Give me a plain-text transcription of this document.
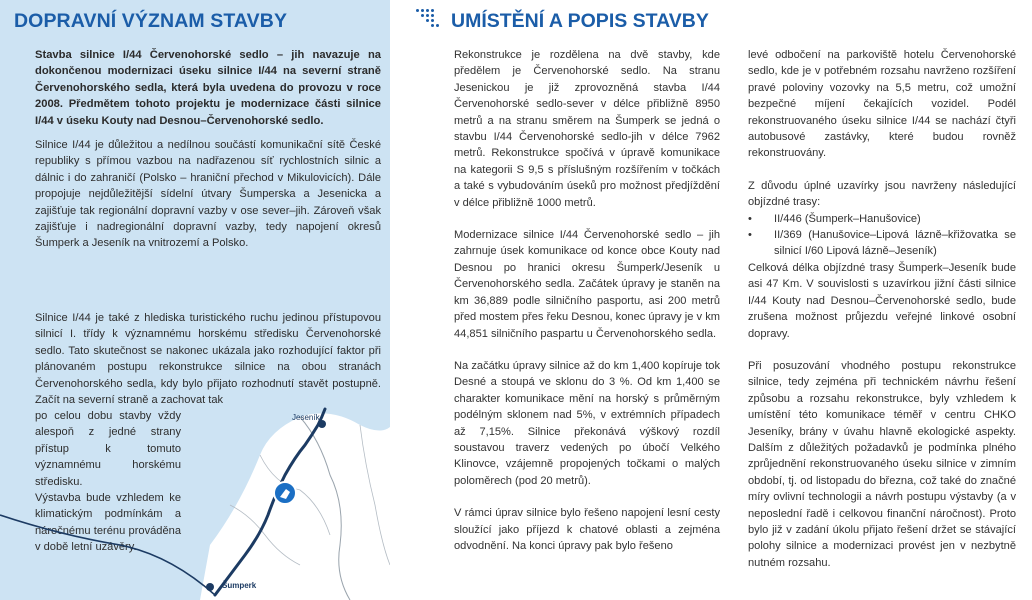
DOPRAVNÍ VÝZNAM STAVBY
Stavba silnice I/44 Červenohorské sedlo – jih navazuje na dokončenou modernizaci úseku silnice I/44 na severní straně Červenohorského sedla, která byla uvedena do provozu v roce 2008. Předmětem tohoto projektu je modernizace části silnice I/44 v úseku Kouty nad Desnou–Červenohorské sedlo.
Silnice I/44 je důležitou a nedílnou součástí komunikační sítě České republiky s přímou vazbou na nadřazenou síť rychlostních silnic a dálnic i do zahraničí (Polsko – hraniční přechod v Mikulovicích). Dále propojuje nejdůležitější sídelní útvary Šumperska a Jesenicka a zajišťuje tak regionální dopravní vazby v ose sever–jih. Zároveň však zajišťuje i nadregionální dopravní vazby, tedy napojení okresů Šumperk a Jeseník na vnitrozemí a Polsko.
Silnice I/44 je také z hlediska turistického ruchu jedinou přístupovou silnicí I. třídy k významnému horskému středisku Červenohorské sedlo. Tato skutečnost se nakonec ukázala jako rozhodující faktor při plánovaném postupu rekonstrukce silnice na obou stranách Červenohorského sedla, kdy bylo přijato rozhodnutí stavět postupně. Začít na severní straně a zachovat tak
po celou dobu stavby vždy alespoň z jedné strany přístup k tomuto významnému horskému středisku.
Výstavba bude vzhledem ke klimatickým podmínkám a náročnému terénu prováděna v době letní uzávěry.
Jeseník
Šumperk
UMÍSTĚNÍ A POPIS STAVBY

Rekonstrukce je rozdělena na dvě stavby, kde předělem je Červenohorské sedlo. Na stranu Jesenickou je již zprovozněná stavba I/44 Červenohorské sedlo-sever v délce přibližně 8950 metrů a na stranu směrem na Šumperk se jedná o stavbu I/44 Červenohorské sedlo-jih v délce 7962 metrů. Rekonstrukce spočívá v úpravě komunikace na kategorii S 9,5 s příslušným rozšířením v točkách a také s vybudováním úseků pro možnost předjíždění v délce přibližně 1000 metrů.

Modernizace silnice I/44 Červenohorské sedlo – jih zahrnuje úsek komunikace od konce obce Kouty nad Desnou po hranici okresu Šumperk/Jeseník u Červenohorského sedla. Začátek úpravy je staněn na km 36,889 podle silničního pasportu, asi 200 metrů před mostem přes řeku Desnou, konec úpravy je v km 44,851 silničního paspartu u Červenohorského sedla.

Na začátku úpravy silnice až do km 1,400 kopíruje tok Desné a stoupá ve sklonu do 3 %. Od km 1,400 se charakter komunikace mění na horský s průměrným podélným sklonem nad 5%, v extrémních případech až 7,15%. Silnice překonává výškový rozdíl soustavou traverz vedených po úbočí Velkého Klinovce, vzájemně propojených točkami o malých poloměrech (pod 20 metrů).

V rámci úprav silnice bylo řešeno napojení lesní cesty sloužící jako příjezd k chatové oblasti a zejména odvodnění. Na konci úpravy pak bylo řešeno

levé odbočení na parkoviště hotelu Červenohorské sedlo, kde je v potřebném rozsahu navrženo rozšíření pravé poloviny vozovky na 5,5 metru, což umožní bezpečné míjení čekajících vozidel. Podél rekonstruovaného úseku silnice I/44 se nachází čtyři autobusové zastávky, které budou rovněž rekonstruovány.

Z důvodu úplné uzavírky jsou navrženy následující objízdné trasy:

•	II/446 (Šumperk–Hanušovice)
•	II/369 (Hanušovice–Lipová lázně–křižovatka se silnicí I/60 Lipová lázně–Jeseník)

Celková délka objízdné trasy Šumperk–Jeseník bude asi 47 Km. V souvislosti s uzavírkou jižní části silnice I/44 Kouty nad Desnou–Červenohorské sedlo, bude zrušena možnost průjezdu veřejné linkové osobní dopravy.

Při posuzování vhodného postupu rekonstrukce silnice, tedy zejména při technickém návrhu řešení způsobu a rozsahu rekonstrukce, byly vzhledem k umístění této komunikace téměř v centru CHKO Jeseníky, brány v úvahu hlavně ekologické aspekty. Dalším z důležitých požadavků je podmínka plného zprůjednění rekonstruovaného úseku silnice v zimním období, tj. od listopadu do března, což také do značné míry ovlivní technologii a návrh postupu výstavby (a v neposlední řadě i celkovou finanční náročnost). Proto bylo již v zadání úkolu přijato řešení držet se stávající polohy silnice a modernizaci provést jen v nezbytně nutném rozsahu.
